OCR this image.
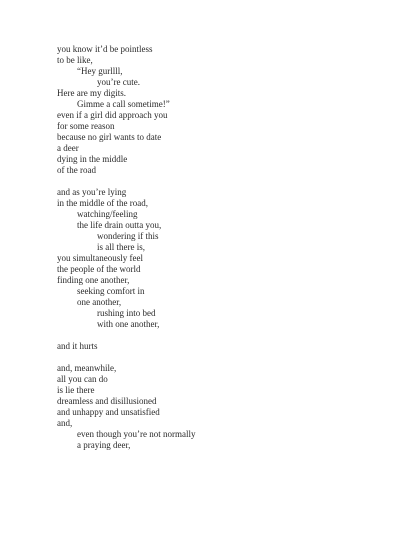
you know it’d be pointless
to be like,
“Hey gurllll,
you’re cute.
Here are my digits.
Gimme a call sometime!”
even if a girl did approach you
for some reason
because no girl wants to date
a deer
dying in the middle
of the road
and as you’re lying
in the middle of the road,
watching/feeling
the life drain outta you,
wondering if this
is all there is,
you simultaneously feel
the people of the world
finding one another,
seeking comfort in
one another,
rushing into bed
with one another,
and it hurts
and, meanwhile,
all you can do
is lie there
dreamless and disillusioned
and unhappy and unsatisfied
and,
even though you’re not normally
a praying deer,
